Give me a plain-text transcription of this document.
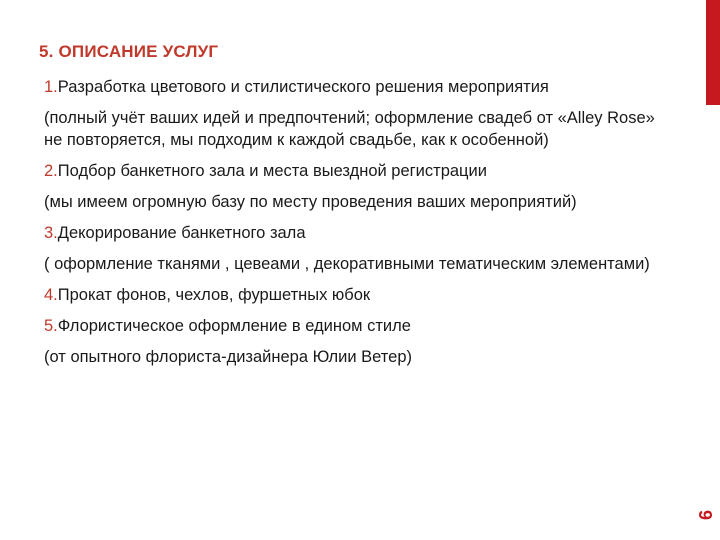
5. ОПИСАНИЕ УСЛУГ
1.Разработка цветового и стилистического решения мероприятия
(полный учёт ваших идей и предпочтений; оформление свадеб от «Alley Rose» не повторяется, мы подходим к каждой свадьбе, как к особенной)
2.Подбор банкетного зала и места выездной регистрации
(мы имеем огромную базу по месту проведения ваших мероприятий)
3.Декорирование банкетного зала
( оформление тканями , цевеами , декоративными тематическим элементами)
4.Прокат фонов, чехлов, фуршетных юбок
5.Флористическое оформление в едином стиле
(от опытного флориста-дизайнера Юлии Ветер)
9
